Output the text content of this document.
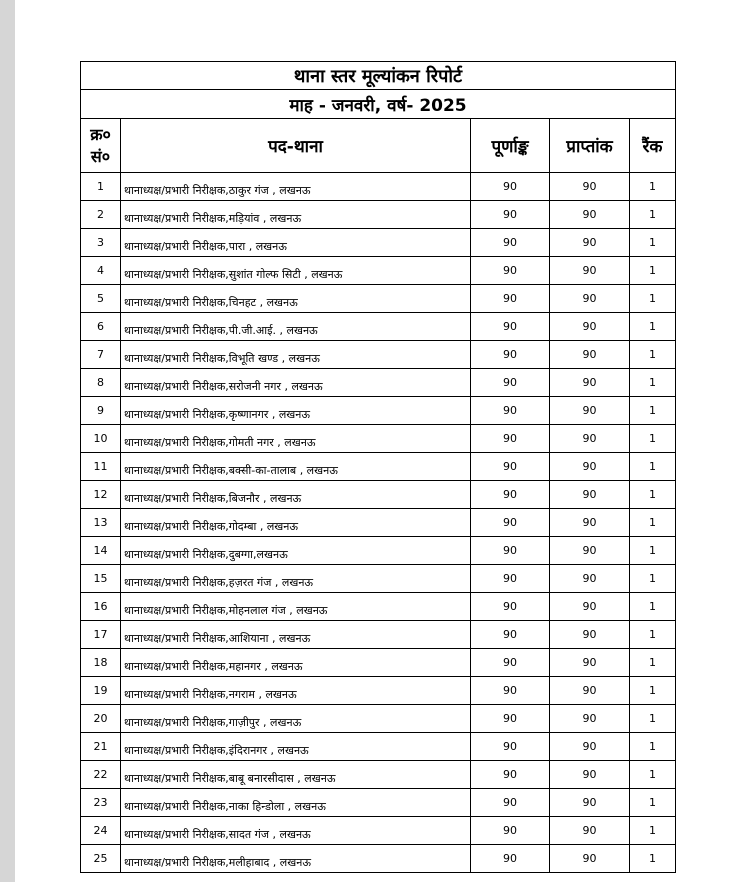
थाना स्तर मूल्यांकन रिपोर्ट				
माह - जनवरी, वर्ष- 2025				
क्र० सं०	पद-थाना	पूर्णाङ्क	प्राप्तांक	रैंक
1	थानाध्यक्ष/प्रभारी निरीक्षक,ठाकुर गंज , लखनऊ	90	90	1
2	थानाध्यक्ष/प्रभारी निरीक्षक,मड़ियांव , लखनऊ	90	90	1
3	थानाध्यक्ष/प्रभारी निरीक्षक,पारा , लखनऊ	90	90	1
4	थानाध्यक्ष/प्रभारी निरीक्षक,सुशांत गोल्फ सिटी , लखनऊ	90	90	1
5	थानाध्यक्ष/प्रभारी निरीक्षक,चिनहट , लखनऊ	90	90	1
6	थानाध्यक्ष/प्रभारी निरीक्षक,पी.जी.आई. , लखनऊ	90	90	1
7	थानाध्यक्ष/प्रभारी निरीक्षक,विभूति खण्ड , लखनऊ	90	90	1
8	थानाध्यक्ष/प्रभारी निरीक्षक,सरोजनी नगर , लखनऊ	90	90	1
9	थानाध्यक्ष/प्रभारी निरीक्षक,कृष्णानगर , लखनऊ	90	90	1
10	थानाध्यक्ष/प्रभारी निरीक्षक,गोमती नगर , लखनऊ	90	90	1
11	थानाध्यक्ष/प्रभारी निरीक्षक,बक्सी-का-तालाब , लखनऊ	90	90	1
12	थानाध्यक्ष/प्रभारी निरीक्षक,बिजनौर , लखनऊ	90	90	1
13	थानाध्यक्ष/प्रभारी निरीक्षक,गोदम्बा , लखनऊ	90	90	1
14	थानाध्यक्ष/प्रभारी निरीक्षक,दुबग्गा,लखनऊ	90	90	1
15	थानाध्यक्ष/प्रभारी निरीक्षक,हज़रत गंज , लखनऊ	90	90	1
16	थानाध्यक्ष/प्रभारी निरीक्षक,मोहनलाल गंज , लखनऊ	90	90	1
17	थानाध्यक्ष/प्रभारी निरीक्षक,आशियाना , लखनऊ	90	90	1
18	थानाध्यक्ष/प्रभारी निरीक्षक,महानगर , लखनऊ	90	90	1
19	थानाध्यक्ष/प्रभारी निरीक्षक,नगराम , लखनऊ	90	90	1
20	थानाध्यक्ष/प्रभारी निरीक्षक,गाज़ीपुर , लखनऊ	90	90	1
21	थानाध्यक्ष/प्रभारी निरीक्षक,इंदिरानगर , लखनऊ	90	90	1
22	थानाध्यक्ष/प्रभारी निरीक्षक,बाबू बनारसीदास , लखनऊ	90	90	1
23	थानाध्यक्ष/प्रभारी निरीक्षक,नाका हिन्डोला , लखनऊ	90	90	1
24	थानाध्यक्ष/प्रभारी निरीक्षक,सादत गंज , लखनऊ	90	90	1
25	थानाध्यक्ष/प्रभारी निरीक्षक,मलीहाबाद , लखनऊ	90	90	1
